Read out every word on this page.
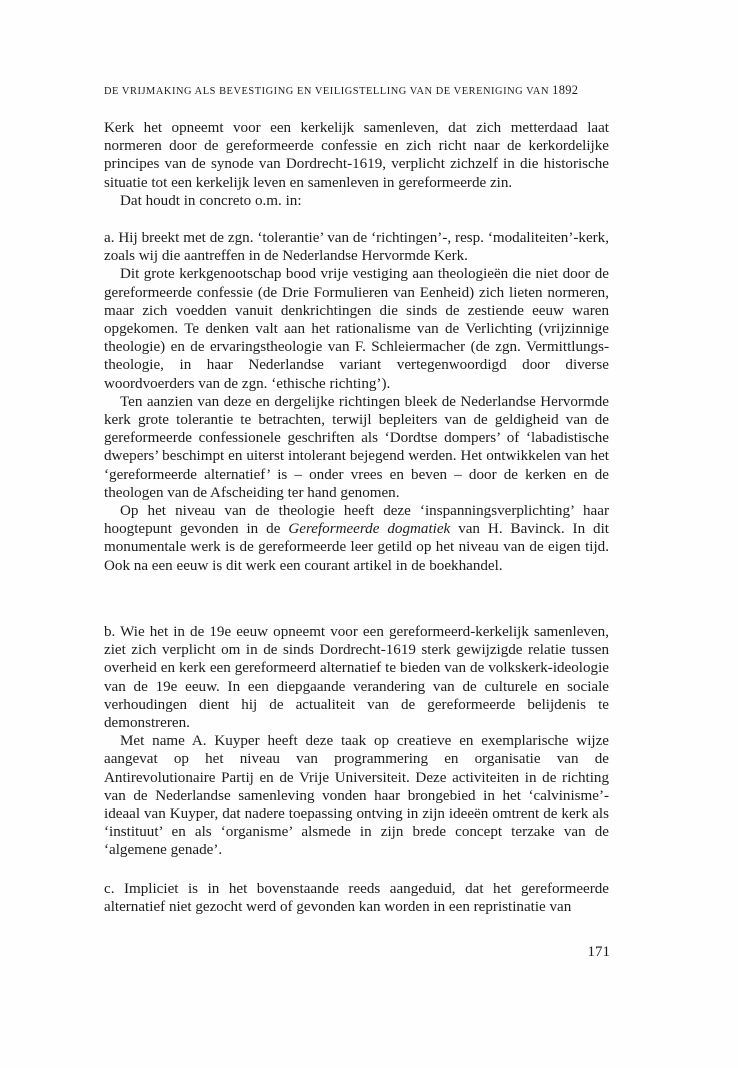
DE VRIJMAKING ALS BEVESTIGING EN VEILIGSTELLING VAN DE VERENIGING VAN 1892

Kerk het opneemt voor een kerkelijk samenleven, dat zich metterdaad laat normeren door de gereformeerde confessie en zich richt naar de kerkordelijke principes van de synode van Dordrecht-1619, verplicht zichzelf in die historische situatie tot een kerkelijk leven en samenleven in gereformeerde zin.

Dat houdt in concreto o.m. in:

a. Hij breekt met de zgn. ‘tolerantie’ van de ‘richtingen’-, resp. ‘modaliteiten’-kerk, zoals wij die aantreffen in de Nederlandse Hervormde Kerk.

Dit grote kerkgenootschap bood vrije vestiging aan theologieën die niet door de gereformeerde confessie (de Drie Formulieren van Eenheid) zich lieten normeren, maar zich voedden vanuit denkrichtingen die sinds de zestiende eeuw waren opgekomen. Te denken valt aan het rationalisme van de Verlichting (vrijzinnige theologie) en de ervaringstheologie van F. Schleiermacher (de zgn. Vermittlungs-theologie, in haar Nederlandse variant vertegenwoordigd door diverse woordvoerders van de zgn. ‘ethische richting’).

Ten aanzien van deze en dergelijke richtingen bleek de Nederlandse Hervormde kerk grote tolerantie te betrachten, terwijl bepleiters van de geldigheid van de gereformeerde confessionele geschriften als ‘Dordtse dompers’ of ‘labadistische dwepers’ beschimpt en uiterst intolerant bejegend werden. Het ontwikkelen van het ‘gereformeerde alternatief’ is – onder vrees en beven – door de kerken en de theologen van de Afscheiding ter hand genomen.

Op het niveau van de theologie heeft deze ‘inspanningsverplichting’ haar hoogtepunt gevonden in de Gereformeerde dogmatiek van H. Bavinck. In dit monumentale werk is de gereformeerde leer getild op het niveau van de eigen tijd. Ook na een eeuw is dit werk een courant artikel in de boekhandel.

b. Wie het in de 19e eeuw opneemt voor een gereformeerd-kerkelijk samenleven, ziet zich verplicht om in de sinds Dordrecht-1619 sterk gewijzigde relatie tussen overheid en kerk een gereformeerd alternatief te bieden van de volkskerk-ideologie van de 19e eeuw. In een diepgaande verandering van de culturele en sociale verhoudingen dient hij de actualiteit van de gereformeerde belijdenis te demonstreren.

Met name A. Kuyper heeft deze taak op creatieve en exemplarische wijze aangevat op het niveau van programmering en organisatie van de Antirevolutionaire Partij en de Vrije Universiteit. Deze activiteiten in de richting van de Nederlandse samenleving vonden haar brongebied in het ‘calvinisme’-ideaal van Kuyper, dat nadere toepassing ontving in zijn ideeën omtrent de kerk als ‘instituut’ en als ‘organisme’ alsmede in zijn brede concept terzake van de ‘algemene genade’.

c. Impliciet is in het bovenstaande reeds aangeduid, dat het gereformeerde alternatief niet gezocht werd of gevonden kan worden in een repristinatie van

171
